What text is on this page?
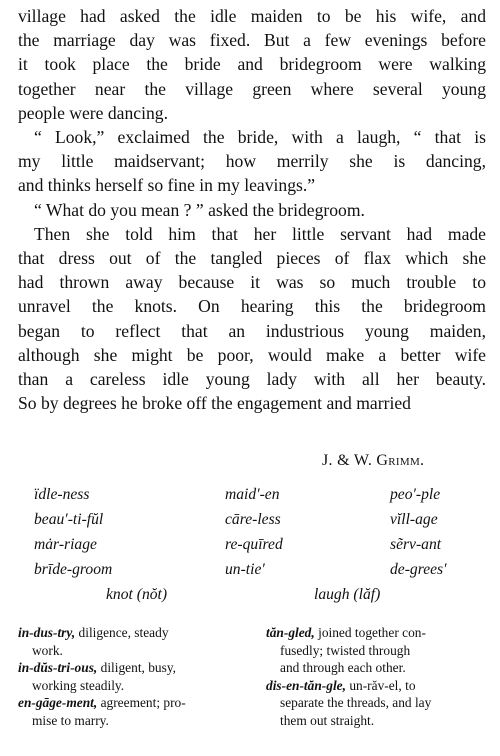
village had asked the idle maiden to be his wife, and
the marriage day was fixed. But a few evenings before
it took place the bride and bridegroom were walking
together near the village green where several young
people were dancing.

“ Look,” exclaimed the bride, with a laugh, “ that is
my little maidservant; how merrily she is dancing,
and thinks herself so fine in my leavings.”

“ What do you mean ? ” asked the bridegroom.

Then she told him that her little servant had made
that dress out of the tangled pieces of flax which she
had thrown away because it was so much trouble to
unravel the knots. On hearing this the bridegroom
began to reflect that an industrious young maiden,
although she might be poor, would make a better wife
than a careless idle young lady with all her beauty.
So by degrees he broke off the engagement and married

J. & W. Grimm.
ïdle-ness	maid′-en	peo′-ple
beau′-ti-fŭl	cāre-less	vĭll-age
mȧr-riage	re-quīred	sẽrv-ant
brīde-groom	un-tie′	de-grees′
knot (nŏt)	laugh (lăf)

in-dus-try, diligence, steady
work.

in-dŭs-tri-ous, diligent, busy,
working steadily.

en-gāge-ment, agreement; pro-
mise to marry.

tăn-gled, joined together con-
fusedly; twisted through
and through each other.

dis-en-tăn-gle, un-răv-el, to
separate the threads, and lay
them out straight.
